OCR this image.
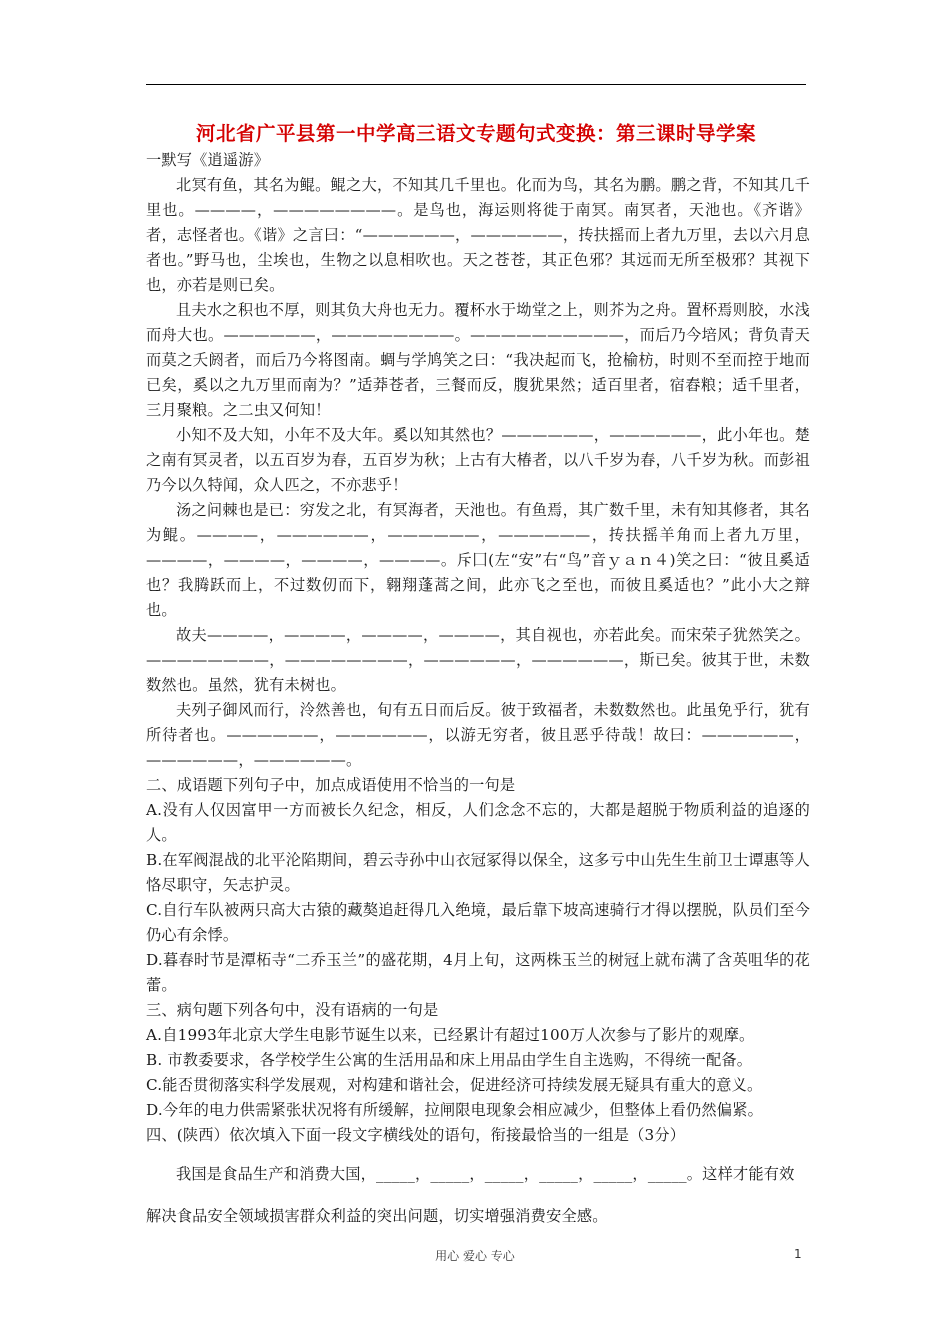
河北省广平县第一中学高三语文专题句式变换：第三课时导学案

一默写《逍遥游》

北冥有鱼，其名为鲲。鲲之大，不知其几千里也。化而为鸟，其名为鹏。鹏之背，不知其几千里也。————，————————。是鸟也，海运则将徙于南冥。南冥者，天池也。《齐谐》者，志怪者也。《谐》之言曰：“——————，——————，抟扶摇而上者九万里，去以六月息者也。”野马也，尘埃也，生物之以息相吹也。天之苍苍，其正色邪？其远而无所至极邪？其视下也，亦若是则已矣。

且夫水之积也不厚，则其负大舟也无力。覆杯水于坳堂之上，则芥为之舟。置杯焉则胶，水浅而舟大也。——————，————————。——————————，而后乃今培风；背负青天而莫之夭阏者，而后乃今将图南。蜩与学鸠笑之曰：“我决起而飞，抢榆枋，时则不至而控于地而已矣，奚以之九万里而南为？”适莽苍者，三餐而反，腹犹果然；适百里者，宿舂粮；适千里者，三月聚粮。之二虫又何知！

小知不及大知，小年不及大年。奚以知其然也？——————，——————，此小年也。楚之南有冥灵者，以五百岁为春，五百岁为秋；上古有大椿者，以八千岁为春，八千岁为秋。而彭祖乃今以久特闻，众人匹之，不亦悲乎！

汤之问棘也是已：穷发之北，有冥海者，天池也。有鱼焉，其广数千里，未有知其修者，其名为鲲。————，——————，——————，——————，抟扶摇羊角而上者九万里，————，————，————，————。斥囗(左“安”右“鸟”音ｙａｎ４)笑之曰：“彼且奚适也？我腾跃而上，不过数仞而下，翱翔蓬蒿之间，此亦飞之至也，而彼且奚适也？”此小大之辩也。

故夫————，————，————，————，其自视也，亦若此矣。而宋荣子犹然笑之。————————，————————，——————，——————，斯已矣。彼其于世，未数数然也。虽然，犹有未树也。

夫列子御风而行，泠然善也，旬有五日而后反。彼于致福者，未数数然也。此虽免乎行，犹有所待者也。——————，——————，以游无穷者，彼且恶乎待哉！故曰：——————，——————，——————。

二、成语题下列句子中，加点成语使用不恰当的一句是

A.没有人仅因富甲一方而被长久纪念，相反，人们念念不忘的，大都是超脱于物质利益的追逐的人。

B.在军阀混战的北平沦陷期间，碧云寺孙中山衣冠冢得以保全，这多亏中山先生生前卫士谭惠等人恪尽职守，矢志护灵。

C.自行车队被两只高大古猿的藏獒追赶得几入绝境，最后靠下坡高速骑行才得以摆脱，队员们至今仍心有余悸。

D.暮春时节是潭柘寺“二乔玉兰”的盛花期，4月上旬，这两株玉兰的树冠上就布满了含英咀华的花蕾。

三、病句题下列各句中，没有语病的一句是

A.自1993年北京大学生电影节诞生以来，已经累计有超过100万人次参与了影片的观摩。

B. 市教委要求，各学校学生公寓的生活用品和床上用品由学生自主选购，不得统一配备。

C.能否贯彻落实科学发展观，对构建和谐社会，促进经济可持续发展无疑具有重大的意义。

D.今年的电力供需紧张状况将有所缓解，拉闸限电现象会相应减少，但整体上看仍然偏紧。

四、(陕西）依次填入下面一段文字横线处的语句，衔接最恰当的一组是（3分）

我国是食品生产和消费大国，_____，_____，_____，_____，_____，_____。这样才能有效

解决食品安全领域损害群众利益的突出问题，切实增强消费安全感。

用心 爱心 专心	1
